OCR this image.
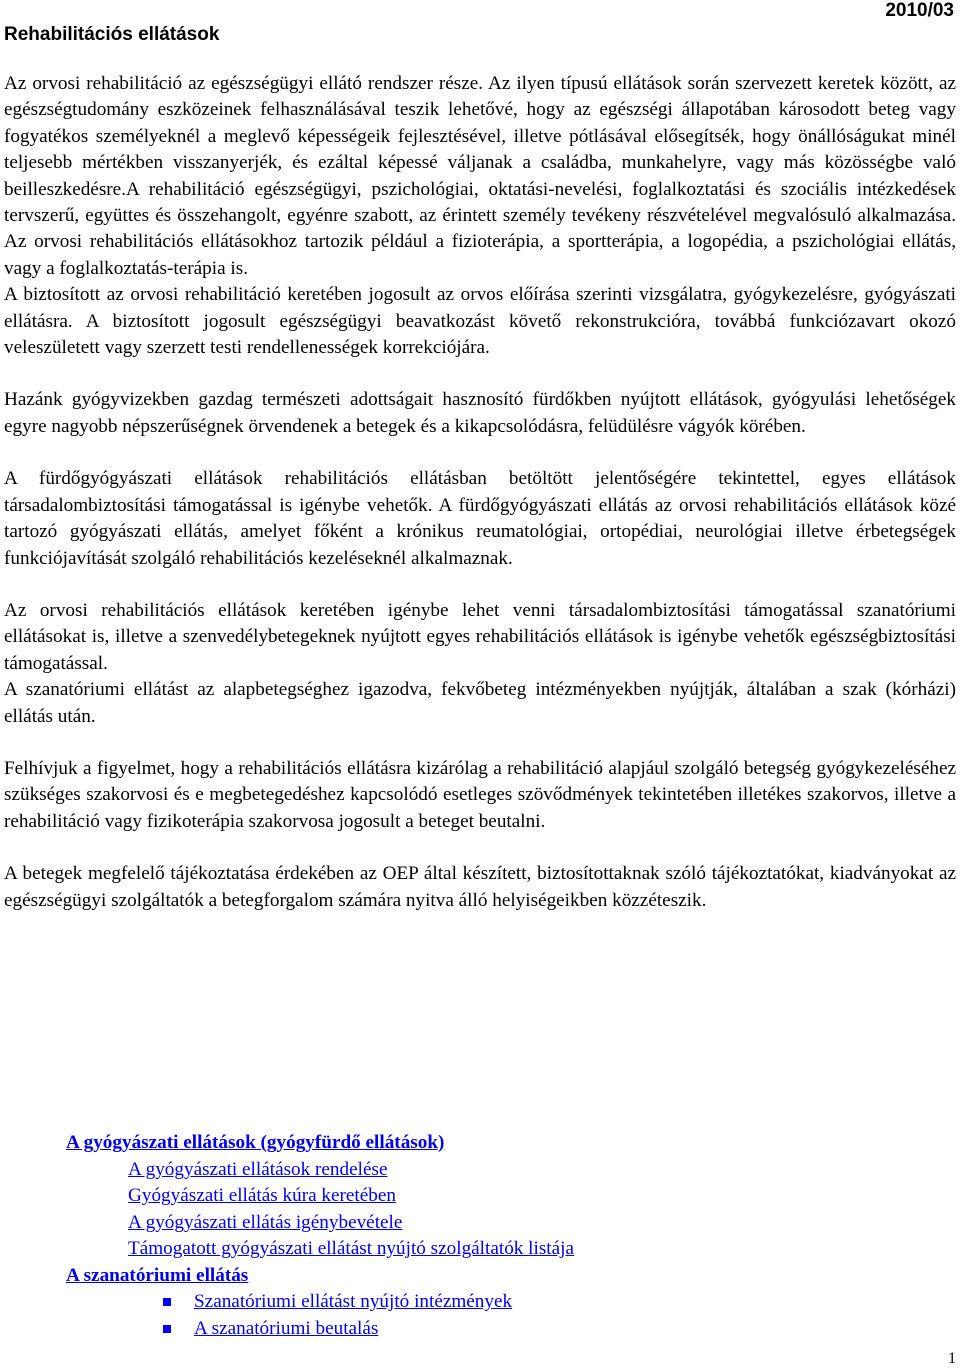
Rehabilitációs ellátások
2010/03

Az orvosi rehabilitáció az egészségügyi ellátó rendszer része. Az ilyen típusú ellátások során szervezett keretek között, az egészségtudomány eszközeinek felhasználásával teszik lehetővé, hogy az egészségi állapotában károsodott beteg vagy fogyatékos személyeknél a meglevő képességeik fejlesztésével, illetve pótlásával elősegítsék, hogy önállóságukat minél teljesebb mértékben visszanyerjék, és ezáltal képessé váljanak a családba, munkahelyre, vagy más közösségbe való beilleszkedésre.A rehabilitáció egészségügyi, pszichológiai, oktatási-nevelési, foglalkoztatási és szociális intézkedések tervszerű, együttes és összehangolt, egyénre szabott, az érintett személy tevékeny részvételével megvalósuló alkalmazása. Az orvosi rehabilitációs ellátásokhoz tartozik például a fizioterápia, a sportterápia, a logopédia, a pszichológiai ellátás, vagy a foglalkoztatás-terápia is.

A biztosított az orvosi rehabilitáció keretében jogosult az orvos előírása szerinti vizsgálatra, gyógykezelésre, gyógyászati ellátásra. A biztosított jogosult egészségügyi beavatkozást követő rekonstrukcióra, továbbá funkciózavart okozó veleszületett vagy szerzett testi rendellenességek korrekciójára.

Hazánk gyógyvizekben gazdag természeti adottságait hasznosító fürdőkben nyújtott ellátások, gyógyulási lehetőségek egyre nagyobb népszerűségnek örvendenek a betegek és a kikapcsolódásra, felüdülésre vágyók körében.

A fürdőgyógyászati ellátások rehabilitációs ellátásban betöltött jelentőségére tekintettel, egyes ellátások társadalombiztosítási támogatással is igénybe vehetők. A fürdőgyógyászati ellátás az orvosi rehabilitációs ellátások közé tartozó gyógyászati ellátás, amelyet főként a krónikus reumatológiai, ortopédiai, neurológiai illetve érbetegségek funkciójavítását szolgáló rehabilitációs kezeléseknél alkalmaznak.

Az orvosi rehabilitációs ellátások keretében igénybe lehet venni társadalombiztosítási támogatással szanatóriumi ellátásokat is, illetve a szenvedélybetegeknek nyújtott egyes rehabilitációs ellátások is igénybe vehetők egészségbiztosítási támogatással.

A szanatóriumi ellátást az alapbetegséghez igazodva, fekvőbeteg intézményekben nyújtják, általában a szak (kórházi) ellátás után.

Felhívjuk a figyelmet, hogy a rehabilitációs ellátásra kizárólag a rehabilitáció alapjául szolgáló betegség gyógykezeléséhez szükséges szakorvosi és e megbetegedéshez kapcsolódó esetleges szövődmények tekintetében illetékes szakorvos, illetve a rehabilitáció vagy fizikoterápia szakorvosa jogosult a beteget beutalni.

A betegek megfelelő tájékoztatása érdekében az OEP által készített, biztosítottaknak szóló tájékoztatókat, kiadványokat az egészségügyi szolgáltatók a betegforgalom számára nyitva álló helyiségeikben közzéteszik.

A gyógyászati ellátások (gyógyfürdő ellátások)
A gyógyászati ellátások rendelése
Gyógyászati ellátás kúra keretében
A gyógyászati ellátás igénybevétele
Támogatott gyógyászati ellátást nyújtó szolgáltatók listája
A szanatóriumi ellátás
Szanatóriumi ellátást nyújtó intézmények
A szanatóriumi beutalás
1
